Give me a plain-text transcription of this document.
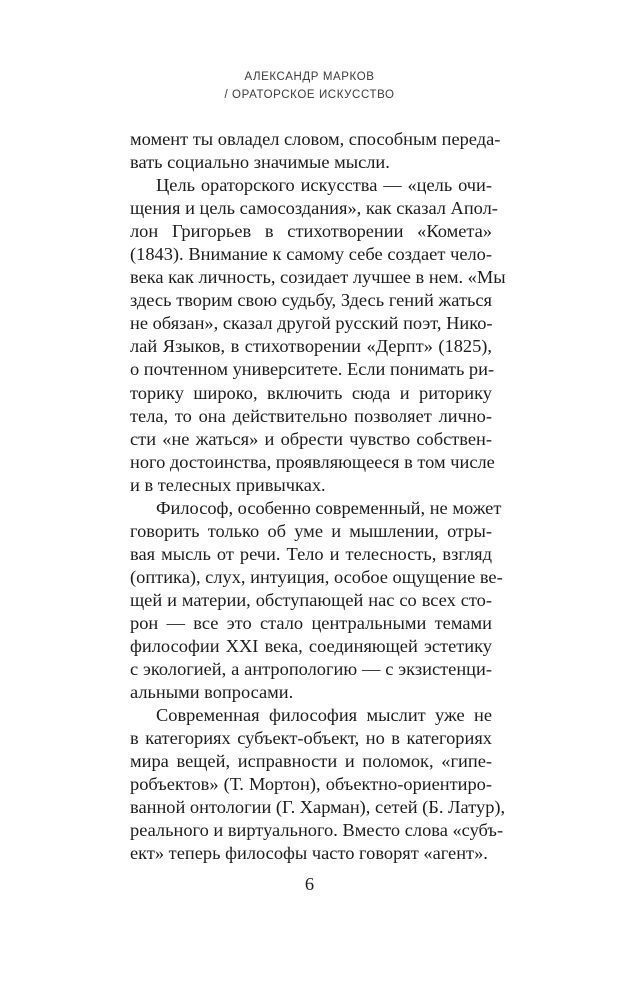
АЛЕКСАНДР МАРКОВ
/ ОРАТОРСКОЕ ИСКУССТВО
момент ты овладел словом, способным переда-
вать социально значимые мысли.
Цель ораторского искусства — «цель очи-
щения и цель самосоздания», как сказал Апол-
лон Григорьев в стихотворении «Комета»
(1843). Внимание к самому себе создает чело-
века как личность, созидает лучшее в нем. «Мы
здесь творим свою судьбу, Здесь гений жаться
не обязан», сказал другой русский поэт, Нико-
лай Языков, в стихотворении «Дерпт» (1825),
о почтенном университете. Если понимать ри-
торику широко, включить сюда и риторику
тела, то она действительно позволяет лично-
сти «не жаться» и обрести чувство собствен-
ного достоинства, проявляющееся в том числе
и в телесных привычках.
Философ, особенно современный, не может
говорить только об уме и мышлении, отры-
вая мысль от речи. Тело и телесность, взгляд
(оптика), слух, интуиция, особое ощущение ве-
щей и материи, обступающей нас со всех сто-
рон — все это стало центральными темами
философии XXI века, соединяющей эстетику
с экологией, а антропологию — с экзистенци-
альными вопросами.
Современная философия мыслит уже не
в категориях субъект-объект, но в категориях
мира вещей, исправности и поломок, «гипе-
робъектов» (Т. Мортон), объектно-ориентиро-
ванной онтологии (Г. Харман), сетей (Б. Латур),
реального и виртуального. Вместо слова «субъ-
ект» теперь философы часто говорят «агент».
6
